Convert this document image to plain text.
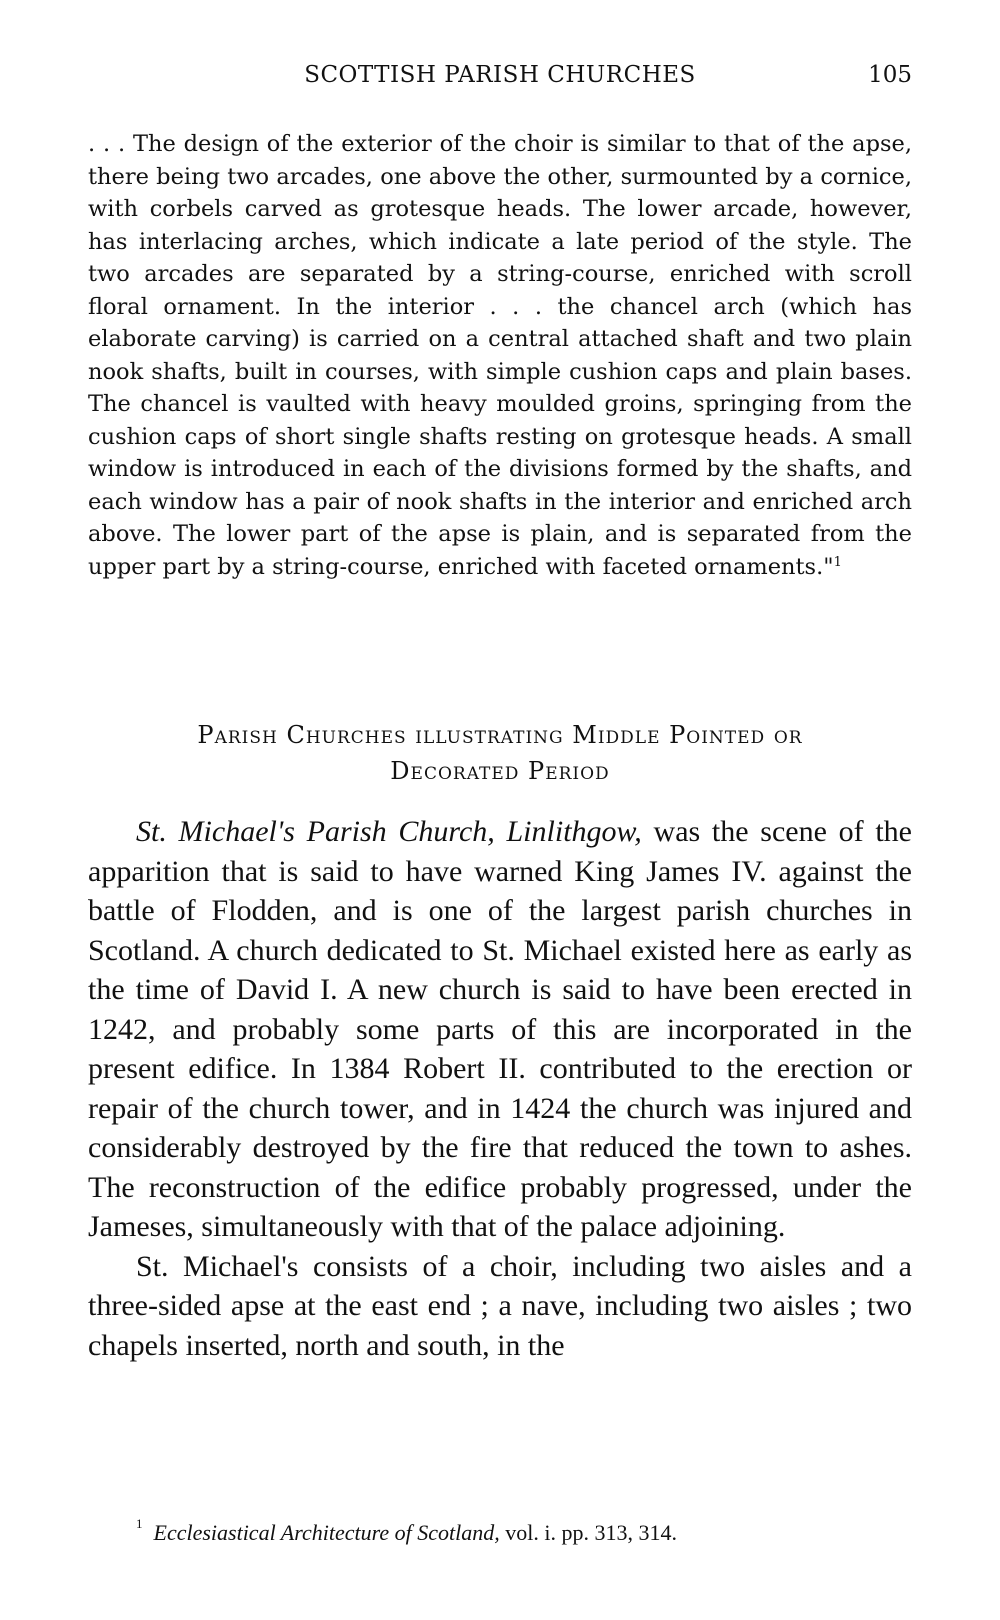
SCOTTISH PARISH CHURCHES	105
. . . The design of the exterior of the choir is similar to that of the apse, there being two arcades, one above the other, surmounted by a cornice, with corbels carved as grotesque heads. The lower arcade, however, has interlacing arches, which indicate a late period of the style. The two arcades are separated by a string-course, enriched with scroll floral ornament. In the interior . . . the chancel arch (which has elaborate carving) is carried on a central attached shaft and two plain nook shafts, built in courses, with simple cushion caps and plain bases. The chancel is vaulted with heavy moulded groins, springing from the cushion caps of short single shafts resting on grotesque heads. A small window is introduced in each of the divisions formed by the shafts, and each window has a pair of nook shafts in the interior and enriched arch above. The lower part of the apse is plain, and is separated from the upper part by a string-course, enriched with faceted ornaments."$^1$
Parish Churches illustrating Middle Pointed or
Decorated Period

St. Michael's Parish Church, Linlithgow, was the scene of the apparition that is said to have warned King James IV. against the battle of Flodden, and is one of the largest parish churches in Scotland. A church dedicated to St. Michael existed here as early as the time of David I. A new church is said to have been erected in 1242, and probably some parts of this are incorporated in the present edifice. In 1384 Robert II. contributed to the erection or repair of the church tower, and in 1424 the church was injured and considerably destroyed by the fire that reduced the town to ashes. The reconstruction of the edifice probably progressed, under the Jameses, simultaneously with that of the palace adjoining.

St. Michael's consists of a choir, including two aisles and a three-sided apse at the east end ; a nave, including two aisles ; two chapels inserted, north and south, in the

$^1$ Ecclesiastical Architecture of Scotland, vol. i. pp. 313, 314.
